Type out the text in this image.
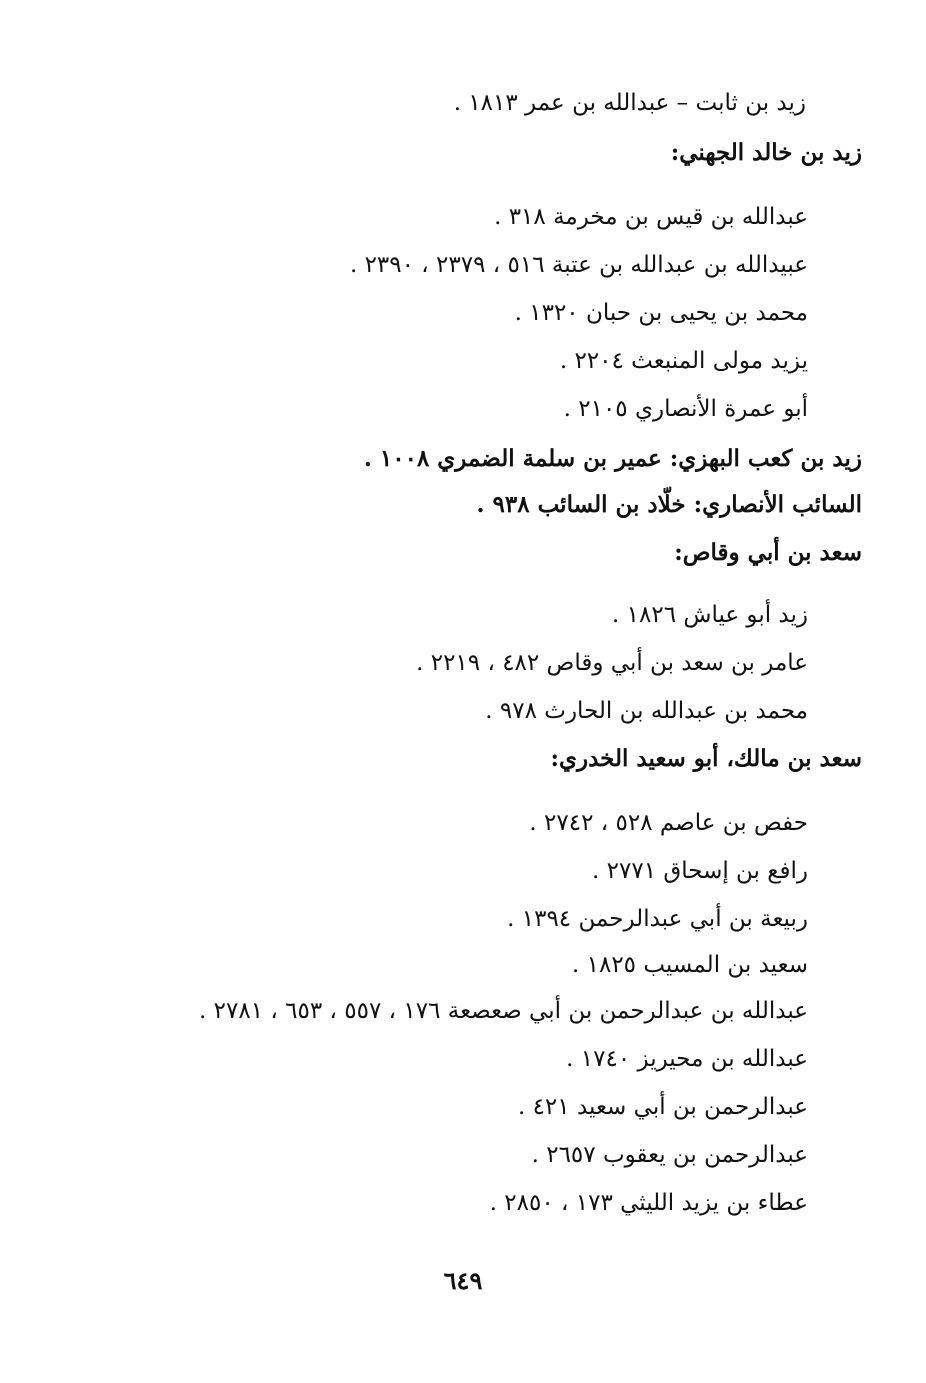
زيد بن ثابت – عبدالله بن عمر ١٨١٣ .
زيد بن خالد الجهني:
عبدالله بن قيس بن مخرمة ٣١٨ .
عبيدالله بن عبدالله بن عتبة ٥١٦ ، ٢٣٧٩ ، ٢٣٩٠ .
محمد بن يحيى بن حبان ١٣٢٠ .
يزيد مولى المنبعث ٢٢٠٤ .
أبو عمرة الأنصاري ٢١٠٥ .
زيد بن كعب البهزي: عمير بن سلمة الضمري ١٠٠٨ .
السائب الأنصاري: خلّاد بن السائب ٩٣٨ .
سعد بن أبي وقاص:
زيد أبو عياش ١٨٢٦ .
عامر بن سعد بن أبي وقاص ٤٨٢ ، ٢٢١٩ .
محمد بن عبدالله بن الحارث ٩٧٨ .
سعد بن مالك، أبو سعيد الخدري:
حفص بن عاصم ٥٢٨ ، ٢٧٤٢ .
رافع بن إسحاق ٢٧٧١ .
ربيعة بن أبي عبدالرحمن ١٣٩٤ .
سعيد بن المسيب ١٨٢٥ .
عبدالله بن عبدالرحمن بن أبي صعصعة ١٧٦ ، ٥٥٧ ، ٦٥٣ ، ٢٧٨١ .
عبدالله بن محيريز ١٧٤٠ .
عبدالرحمن بن أبي سعيد ٤٢١ .
عبدالرحمن بن يعقوب ٢٦٥٧ .
عطاء بن يزيد الليثي ١٧٣ ، ٢٨٥٠ .
٦٤٩
